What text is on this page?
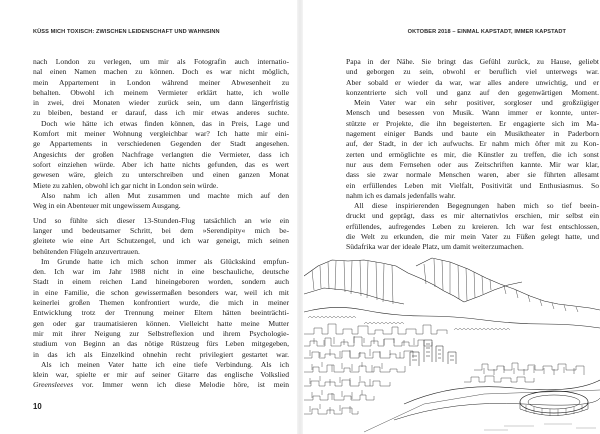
KÜSS MICH TOXISCH: ZWISCHEN LEIDENSCHAFT UND WAHNSINN
nach London zu verlegen, um mir als Fotografin auch internatio-
nal einen Namen machen zu können. Doch es war nicht möglich,
mein Appartement in London während meiner Abwesenheit zu
behalten. Obwohl ich meinem Vermieter erklärt hatte, ich wolle
in zwei, drei Monaten wieder zurück sein, um dann längerfristig
zu bleiben, bestand er darauf, dass ich mir etwas anderes suchte.
Doch wie hätte ich etwas finden können, das in Preis, Lage und
Komfort mit meiner Wohnung vergleichbar war? Ich hatte mir eini-
ge Appartements in verschiedenen Gegenden der Stadt angesehen.
Angesichts der großen Nachfrage verlangten die Vermieter, dass ich
sofort einziehen würde. Aber ich hatte nichts gefunden, das es wert
gewesen wäre, gleich zu unterschreiben und einen ganzen Monat
Miete zu zahlen, obwohl ich gar nicht in London sein würde.
Also nahm ich allen Mut zusammen und machte mich auf den
Weg in ein Abenteuer mit ungewissem Ausgang.
Und so fühlte sich dieser 13-Stunden-Flug tatsächlich an wie ein
langer und bedeutsamer Schritt, bei dem »Serendipity« mich be-
gleitete wie eine Art Schutzengel, und ich war geneigt, mich seinen
behütenden Flügeln anzuvertrauen.
Im Grunde hatte ich mich schon immer als Glückskind empfun-
den. Ich war im Jahr 1988 nicht in eine beschauliche, deutsche
Stadt in einem reichen Land hineingeboren worden, sondern auch
in eine Familie, die schon gewissermaßen besonders war, weil ich mit
keinerlei großen Themen konfrontiert wurde, die mich in meiner
Entwicklung trotz der Trennung meiner Eltern hätten beeinträchti-
gen oder gar traumatisieren können. Vielleicht hatte meine Mutter
mir mit ihrer Neigung zur Selbstreflexion und ihrem Psychologie-
studium von Beginn an das nötige Rüstzeug fürs Leben mitgegeben,
in das ich als Einzelkind ohnehin recht privilegiert gestartet war.
Als ich meinen Vater hatte ich eine tiefe Verbindung. Als ich
klein war, spielte er mir auf seiner Gitarre das englische Volkslied
Greensleeves vor. Immer wenn ich diese Melodie höre, ist mein
10
OKTOBER 2018 – EINMAL KAPSTADT, IMMER KAPSTADT
Papa in der Nähe. Sie bringt das Gefühl zurück, zu Hause, geliebt
und geborgen zu sein, obwohl er beruflich viel unterwegs war.
Aber sobald er wieder da war, war alles andere unwichtig, und er
konzentrierte sich voll und ganz auf den gegenwärtigen Moment.
Mein Vater war ein sehr positiver, sorgloser und großzügiger
Mensch und besessen von Musik. Wann immer er konnte, unter-
stützte er Projekte, die ihn begeisterten. Er engagierte sich im Ma-
nagement einiger Bands und baute ein Musiktheater in Paderborn
auf, der Stadt, in der ich aufwuchs. Er nahm mich öfter mit zu Kon-
zerten und ermöglichte es mir, die Künstler zu treffen, die ich sonst
nur aus dem Fernsehen oder aus Zeitschriften kannte. Mir war klar,
dass sie zwar normale Menschen waren, aber sie führten allesamt
ein erfüllendes Leben mit Vielfalt, Positivität und Enthusiasmus. So
nahm ich es damals jedenfalls wahr.
All diese inspirierenden Begegnungen haben mich so tief beein-
druckt und geprägt, dass es mir alternativlos erschien, mir selbst ein
erfüllendes, aufregendes Leben zu kreieren. Ich war fest entschlossen,
die Welt zu erkunden, die mir mein Vater zu Füßen gelegt hatte, und
Südafrika war der ideale Platz, um damit weiterzumachen.
